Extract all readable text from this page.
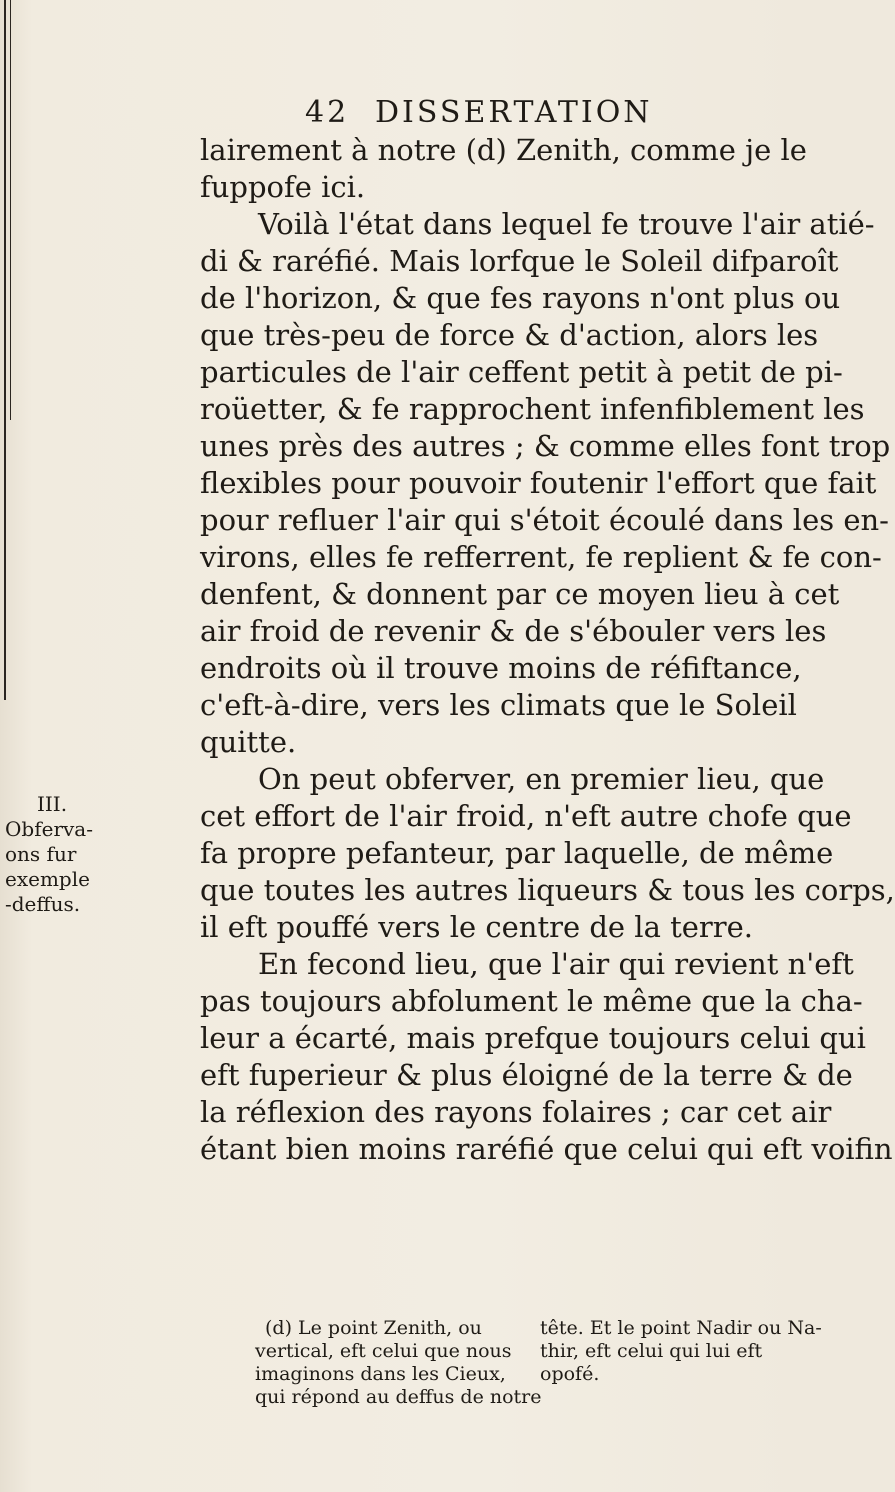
42 DISSERTATION
III.
Obferva-
ons fur
exemple
-deffus.
lairement à notre (d) Zenith, comme je le
fuppofe ici.
Voilà l'état dans lequel fe trouve l'air atié-
di & raréfié. Mais lorfque le Soleil difparoît
de l'horizon, & que fes rayons n'ont plus ou
que très-peu de force & d'action, alors les
particules de l'air ceffent petit à petit de pi-
roüetter, & fe rapprochent infenfiblement les
unes près des autres ; & comme elles font trop
flexibles pour pouvoir foutenir l'effort que fait
pour refluer l'air qui s'étoit écoulé dans les en-
virons, elles fe refferrent, fe replient & fe con-
denfent, & donnent par ce moyen lieu à cet
air froid de revenir & de s'ébouler vers les
endroits où il trouve moins de réfiftance,
c'eft-à-dire, vers les climats que le Soleil
quitte.
On peut obferver, en premier lieu, que
cet effort de l'air froid, n'eft autre chofe que
fa propre pefanteur, par laquelle, de même
que toutes les autres liqueurs & tous les corps,
il eft pouffé vers le centre de la terre.
En fecond lieu, que l'air qui revient n'eft
pas toujours abfolument le même que la cha-
leur a écarté, mais prefque toujours celui qui
eft fuperieur & plus éloigné de la terre & de
la réflexion des rayons folaires ; car cet air
étant bien moins raréfié que celui qui eft voifin
(d) Le point Zenith, ou
vertical, eft celui que nous
imaginons dans les Cieux,
qui répond au deffus de notre
tête. Et le point Nadir ou Na-
thir, eft celui qui lui eft
opofé.
